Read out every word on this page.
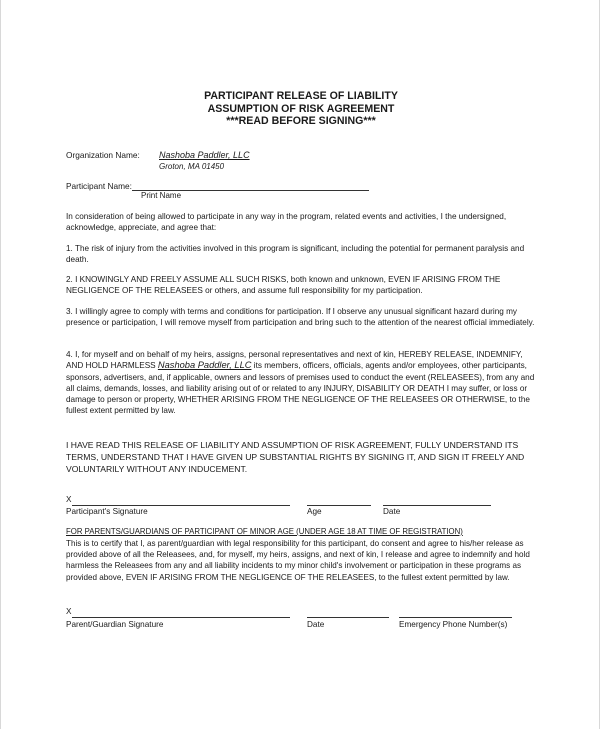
PARTICIPANT RELEASE OF LIABILITY
ASSUMPTION OF RISK AGREEMENT
***READ BEFORE SIGNING***
Organization Name:	Nashoba Paddler, LLC
Groton, MA 01450
Participant Name:
Print Name
In consideration of being allowed to participate in any way in the program, related events and activities, I the undersigned, acknowledge, appreciate, and agree that:
1. The risk of injury from the activities involved in this program is significant, including the potential for permanent paralysis and death.
2. I KNOWINGLY AND FREELY ASSUME ALL SUCH RISKS, both known and unknown, EVEN IF ARISING FROM THE NEGLIGENCE OF THE RELEASEES or others, and assume full responsibility for my participation.
3. I willingly agree to comply with terms and conditions for participation. If I observe any unusual significant hazard during my presence or participation, I will remove myself from participation and bring such to the attention of the nearest official immediately.
4. I, for myself and on behalf of my heirs, assigns, personal representatives and next of kin, HEREBY RELEASE, INDEMNIFY, AND HOLD HARMLESS Nashoba Paddler, LLC its members, officers, officials, agents and/or employees, other participants, sponsors, advertisers, and, if applicable, owners and lessors of premises used to conduct the event (RELEASEES), from any and all claims, demands, losses, and liability arising out of or related to any INJURY, DISABILITY OR DEATH I may suffer, or loss or damage to person or property, WHETHER ARISING FROM THE NEGLIGENCE OF THE RELEASEES OR OTHERWISE, to the fullest extent permitted by law.
I HAVE READ THIS RELEASE OF LIABILITY AND ASSUMPTION OF RISK AGREEMENT, FULLY UNDERSTAND ITS TERMS, UNDERSTAND THAT I HAVE GIVEN UP SUBSTANTIAL RIGHTS BY SIGNING IT, AND SIGN IT FREELY AND VOLUNTARILY WITHOUT ANY INDUCEMENT.
X
Participant's Signature	Age	Date
FOR PARENTS/GUARDIANS OF PARTICIPANT OF MINOR AGE (UNDER AGE 18 AT TIME OF REGISTRATION)
This is to certify that I, as parent/guardian with legal responsibility for this participant, do consent and agree to his/her release as provided above of all the Releasees, and, for myself, my heirs, assigns, and next of kin, I release and agree to indemnify and hold harmless the Releasees from any and all liability incidents to my minor child's involvement or participation in these programs as provided above, EVEN IF ARISING FROM THE NEGLIGENCE OF THE RELEASEES, to the fullest extent permitted by law.
X
Parent/Guardian Signature	Date	Emergency Phone Number(s)
